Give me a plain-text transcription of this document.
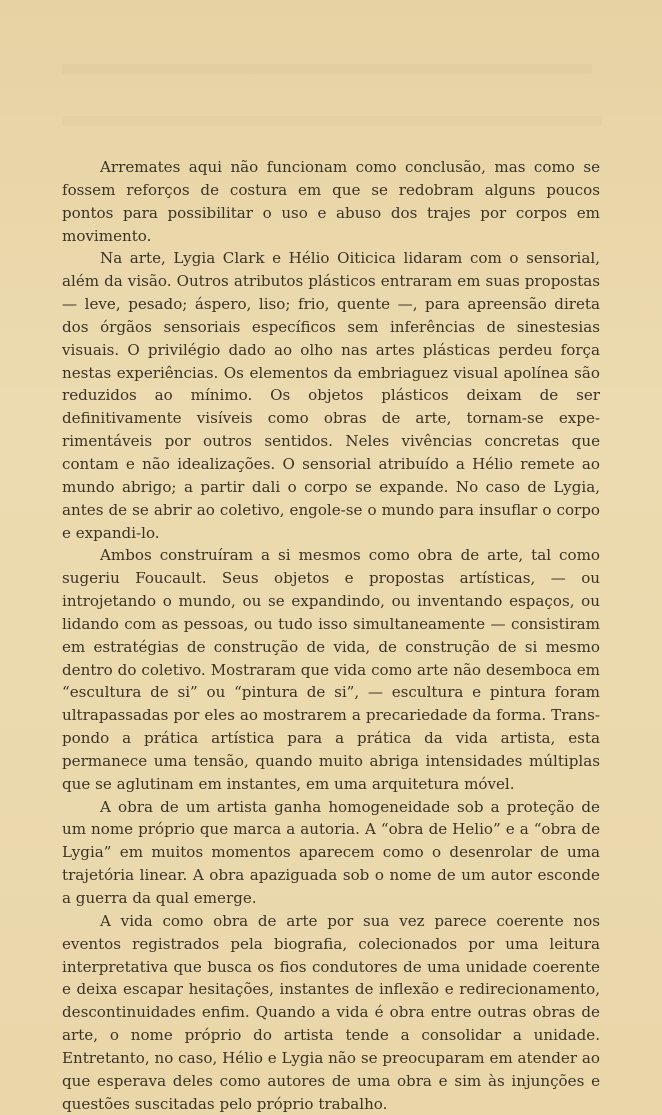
Arremates aqui não funcionam como conclusão, mas como se fossem reforços de costura em que se redobram alguns poucos pontos para possibilitar o uso e abuso dos trajes por corpos em movimento.

Na arte, Lygia Clark e Hélio Oiticica lidaram com o sensorial, além da visão. Outros atributos plásticos entraram em suas propostas — leve, pesado; áspero, liso; frio, quente —, para apreensão direta dos órgãos sensoriais específicos sem inferências de sinestesias visuais. O privilégio dado ao olho nas artes plásticas perdeu força nestas experiências. Os elementos da embriaguez visual apolínea são reduzidos ao mínimo. Os objetos plásticos deixam de ser definitivamente visíveis como obras de arte, tornam-se experimentáveis por outros sentidos. Neles vivências concretas que contam e não idealizações. O sensorial atribuído a Hélio remete ao mundo abrigo; a partir dali o corpo se expande. No caso de Lygia, antes de se abrir ao coletivo, engole-se o mundo para insuflar o corpo e expandi-lo.

Ambos construíram a si mesmos como obra de arte, tal como sugeriu Foucault. Seus objetos e propostas artísticas, — ou introjetando o mundo, ou se expandindo, ou inventando espaços, ou lidando com as pessoas, ou tudo isso simultaneamente — consistiram em estratégias de construção de vida, de construção de si mesmo dentro do coletivo. Mostraram que vida como arte não desemboca em “escultura de si” ou “pintura de si”, — escultura e pintura foram ultrapassadas por eles ao mostrarem a precariedade da forma. Transpondo a prática artística para a prática da vida artista, esta permanece uma tensão, quando muito abriga intensidades múltiplas que se aglutinam em instantes, em uma arquitetura móvel.

A obra de um artista ganha homogeneidade sob a proteção de um nome próprio que marca a autoria. A “obra de Helio” e a “obra de Lygia” em muitos momentos aparecem como o desenrolar de uma trajetória linear. A obra apaziguada sob o nome de um autor esconde a guerra da qual emerge.

A vida como obra de arte por sua vez parece coerente nos eventos registrados pela biografia, colecionados por uma leitura interpretativa que busca os fios condutores de uma unidade coerente e deixa escapar hesitações, instantes de inflexão e redirecionamento, descontinuidades enfim. Quando a vida é obra entre outras obras de arte, o nome próprio do artista tende a consolidar a unidade. Entretanto, no caso, Hélio e Lygia não se preocuparam em atender ao que esperava deles como autores de uma obra e sim às injunções e questões suscitadas pelo próprio trabalho.
